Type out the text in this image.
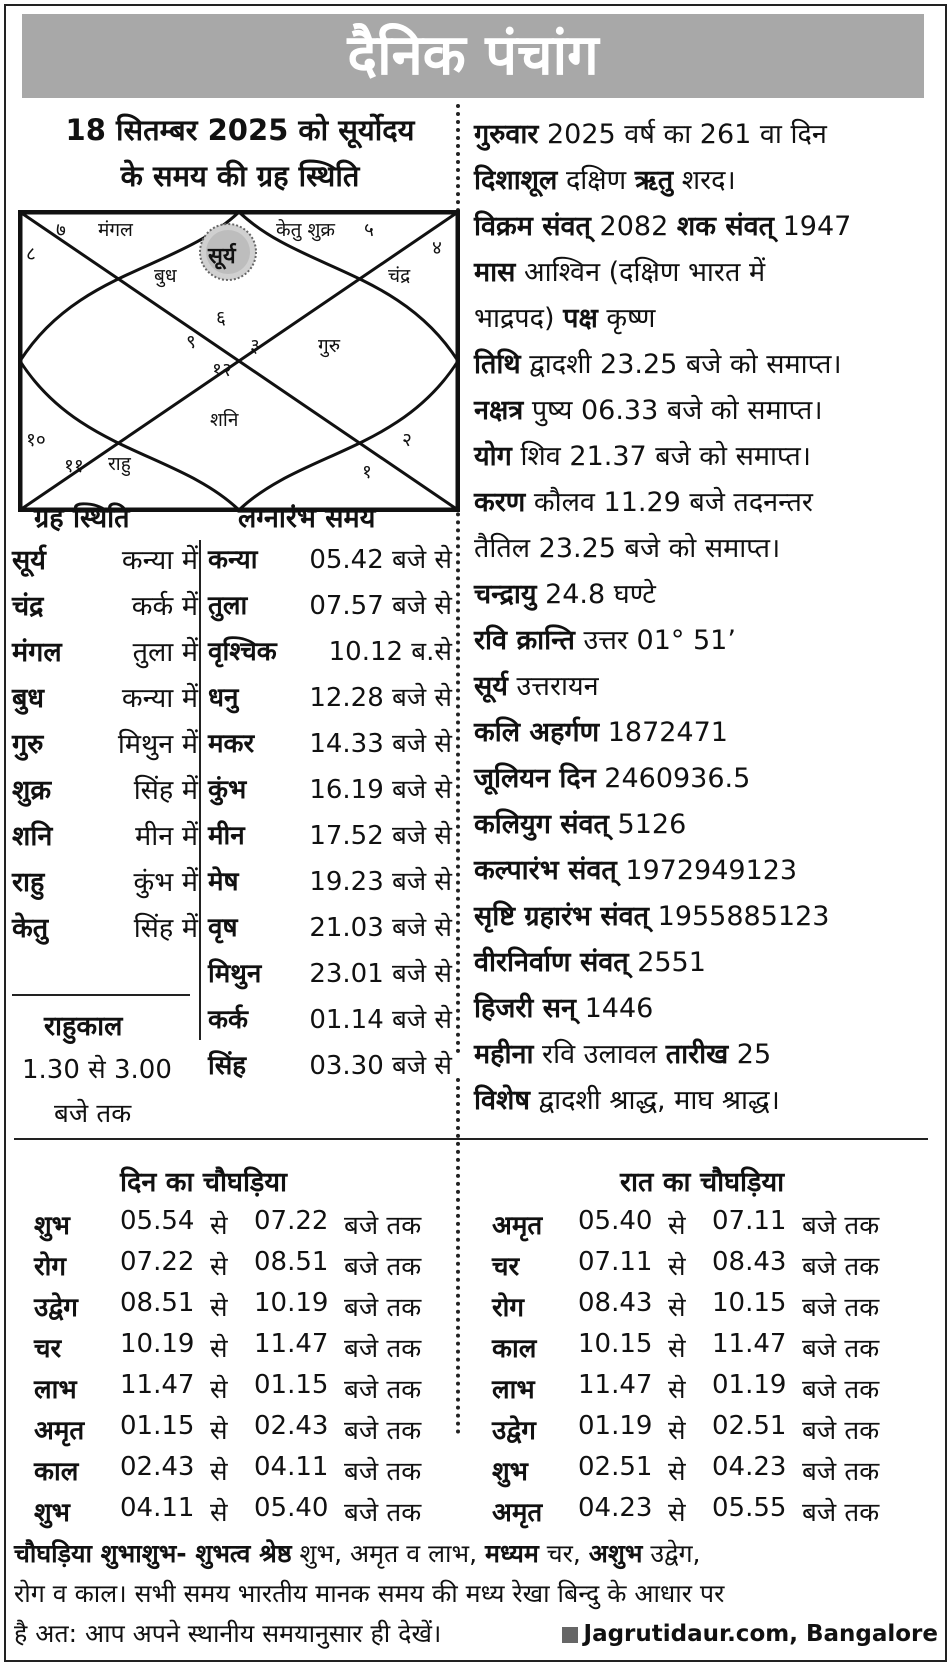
दैनिक पंचांग
18 सितम्बर 2025 को सूर्योदय
के समय की ग्रह स्थिति
७ मंगल	केतु शुक्र ५
८	४
सूर्य
बुध	चंद्र
६
९	३	गुरु
१२
शनि
१०	२
११ राहु	१
ग्रह स्थिति	लग्नारंभ समय
सूर्य	कन्या में
चंद्र	कर्क में
मंगल	तुला में
बुध	कन्या में
गुरु	मिथुन में
शुक्र	सिंह में
शनि	मीन में
राहु	कुंभ में
केतु	सिंह में
कन्या 05.42 बजे से
तुला 07.57 बजे से
वृश्चिक 10.12 ब.से
धनु	12.28 बजे से
मकर 14.33 बजे से
कुंभ 16.19 बजे से
मीन 17.52 बजे से
मेष	19.23 बजे से
वृष	21.03 बजे से
मिथुन 23.01 बजे से
कर्क 01.14 बजे से
सिंह 03.30 बजे से
राहुकाल
1.30 से 3.00
बजे तक
गुरुवार 2025 वर्ष का 261 वा दिन
दिशाशूल दक्षिण ऋतु शरद।
विक्रम संवत् 2082 शक संवत् 1947
मास आश्विन (दक्षिण भारत में
भाद्रपद) पक्ष कृष्ण
तिथि द्वादशी 23.25 बजे को समाप्त।
नक्षत्र पुष्य 06.33 बजे को समाप्त।
योग शिव 21.37 बजे को समाप्त।
करण कौलव 11.29 बजे तदनन्तर
तैतिल 23.25 बजे को समाप्त।
चन्द्रायु 24.8 घण्टे
रवि क्रान्ति उत्तर 01° 51’
सूर्य उत्तरायन
कलि अहर्गण 1872471
जूलियन दिन 2460936.5
कलियुग संवत् 5126
कल्पारंभ संवत् 1972949123
सृष्टि ग्रहारंभ संवत् 1955885123
वीरनिर्वाण संवत् 2551
हिजरी सन् 1446
महीना रवि उलावल तारीख 25
विशेष द्वादशी श्राद्ध, माघ श्राद्ध।
दिन का चौघड़िया	रात का चौघड़िया
शुभ 05.54 से 07.22 बजे तक
रोग 07.22 से 08.51 बजे तक
उद्वेग 08.51 से 10.19 बजे तक
चर 10.19 से 11.47 बजे तक
लाभ 11.47 से 01.15 बजे तक
अमृत 01.15 से 02.43 बजे तक
काल 02.43 से 04.11 बजे तक
शुभ 04.11 से 05.40 बजे तक
अमृत 05.40 से 07.11 बजे तक
चर 07.11 से 08.43 बजे तक
रोग 08.43 से 10.15 बजे तक
काल 10.15 से 11.47 बजे तक
लाभ 11.47 से 01.19 बजे तक
उद्वेग 01.19 से 02.51 बजे तक
शुभ 02.51 से 04.23 बजे तक
अमृत 04.23 से 05.55 बजे तक
चौघड़िया शुभाशुभ- शुभत्व श्रेष्ठ शुभ, अमृत व लाभ, मध्यम चर, अशुभ उद्वेग,
रोग व काल। सभी समय भारतीय मानक समय की मध्य रेखा बिन्दु के आधार पर
है अत: आप अपने स्थानीय समयानुसार ही देखें।	Jagrutidaur.com, Bangalore
